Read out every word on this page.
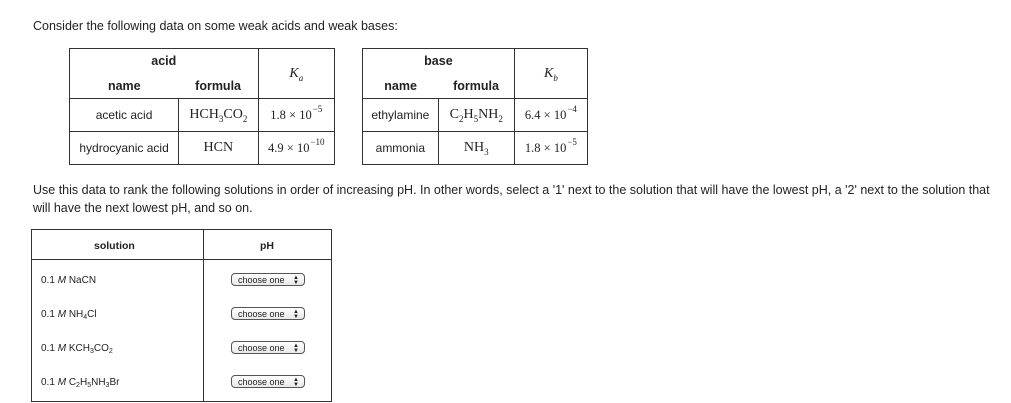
Consider the following data on some weak acids and weak bases:
acid		$K_a$
name	formula	
acetic acid	$HCH_3CO_2$	$1.8 \times 10^{-5}$
hydrocyanic acid	HCN	$4.9 \times 10^{-10}$
base		$K_b$
name	formula	
ethylamine	$C_2H_5NH_2$	$6.4 \times 10^{-4}$
ammonia	$NH_3$	$1.8 \times 10^{-5}$
Use this data to rank the following solutions in order of increasing pH. In other words, select a '1' next to the solution that will have the lowest pH, a '2' next to the solution that will have the next lowest pH, and so on.
solution	pH
0.1 M NaCN	choose one ▲
▼
0.1 M $NH_4Cl$	choose one ▲
▼
0.1 M $KCH_3CO_2$	choose one ▲
▼
0.1 M $C_2H_5NH_3Br$	choose one ▲
▼
